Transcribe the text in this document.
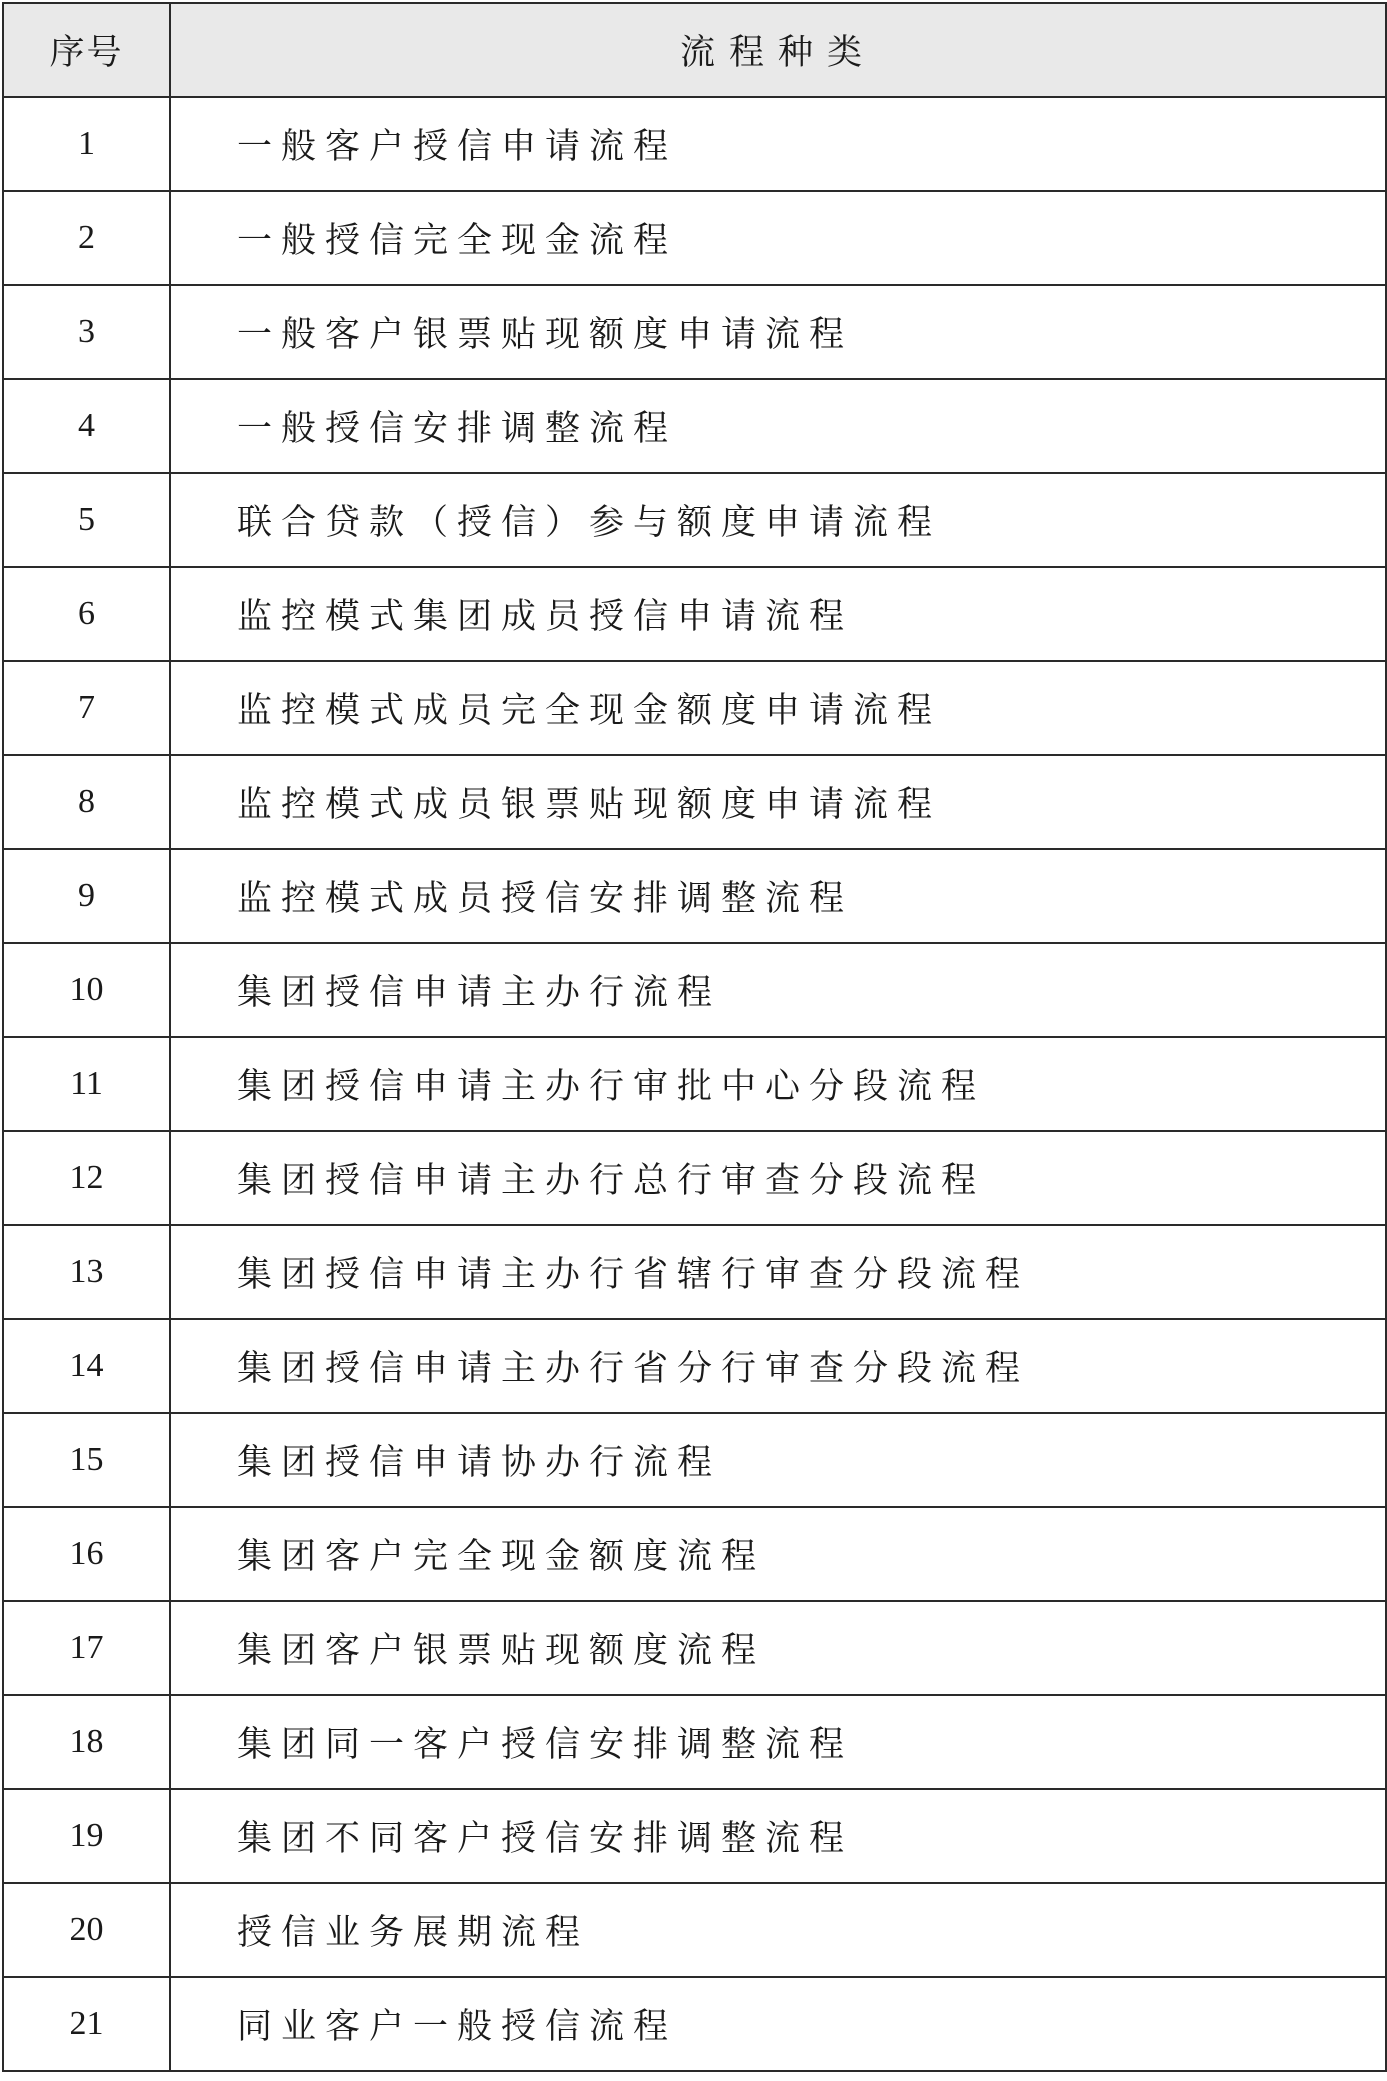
序号	流程种类
1	一般客户授信申请流程
2	一般授信完全现金流程
3	一般客户银票贴现额度申请流程
4	一般授信安排调整流程
5	联合贷款（授信）参与额度申请流程
6	监控模式集团成员授信申请流程
7	监控模式成员完全现金额度申请流程
8	监控模式成员银票贴现额度申请流程
9	监控模式成员授信安排调整流程
10	集团授信申请主办行流程
11	集团授信申请主办行审批中心分段流程
12	集团授信申请主办行总行审查分段流程
13	集团授信申请主办行省辖行审查分段流程
14	集团授信申请主办行省分行审查分段流程
15	集团授信申请协办行流程
16	集团客户完全现金额度流程
17	集团客户银票贴现额度流程
18	集团同一客户授信安排调整流程
19	集团不同客户授信安排调整流程
20	授信业务展期流程
21	同业客户一般授信流程
